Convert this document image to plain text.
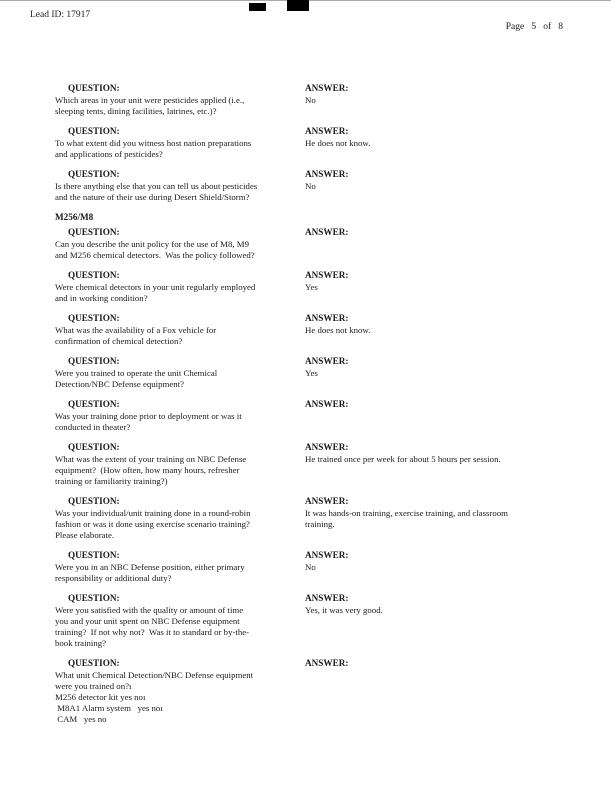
Lead ID: 17917
Page   5   of   8
QUESTION:
Which areas in your unit were pesticides applied (i.e.,
sleeping tents, dining facilities, latrines, etc.)?
ANSWER:
No
QUESTION:
To what extent did you witness host nation preparations
and applications of pesticides?
ANSWER:
He does not know.
QUESTION:
Is there anything else that you can tell us about pesticides
and the nature of their use during Desert Shield/Storm?
ANSWER:
No
M256/M8
QUESTION:
Can you describe the unit policy for the use of M8, M9
and M256 chemical detectors.  Was the policy followed?
ANSWER:
QUESTION:
Were chemical detectors in your unit regularly employed
and in working condition?
ANSWER:
Yes
QUESTION:
What was the availability of a Fox vehicle for
confirmation of chemical detection?
ANSWER:
He does not know.
QUESTION:
Were you trained to operate the unit Chemical
Detection/NBC Defense equipment?
ANSWER:
Yes
QUESTION:
Was your training done prior to deployment or was it
conducted in theater?
ANSWER:
QUESTION:
What was the extent of your training on NBC Defense
equipment?  (How often, how many hours, refresher
training or familiarity training?)
ANSWER:
He trained once per week for about 5 hours per session.
QUESTION:
Was your individual/unit training done in a round-robin
fashion or was it done using exercise scenario training?
Please elaborate.
ANSWER:
It was hands-on training, exercise training, and classroom
training.
QUESTION:
Were you in an NBC Defense position, either primary
responsibility or additional duty?
ANSWER:
No
QUESTION:
Were you satisfied with the quality or amount of time
you and your unit spent on NBC Defense equipment
training?  If not why not?  Was it to standard or by-the-
book training?
ANSWER:
Yes, it was very good.
QUESTION:
What unit Chemical Detection/NBC Defense equipment
were you trained on?ı
M256 detector kit yes noı
M8A1 Alarm system   yes noı
CAM   yes no
ANSWER:
